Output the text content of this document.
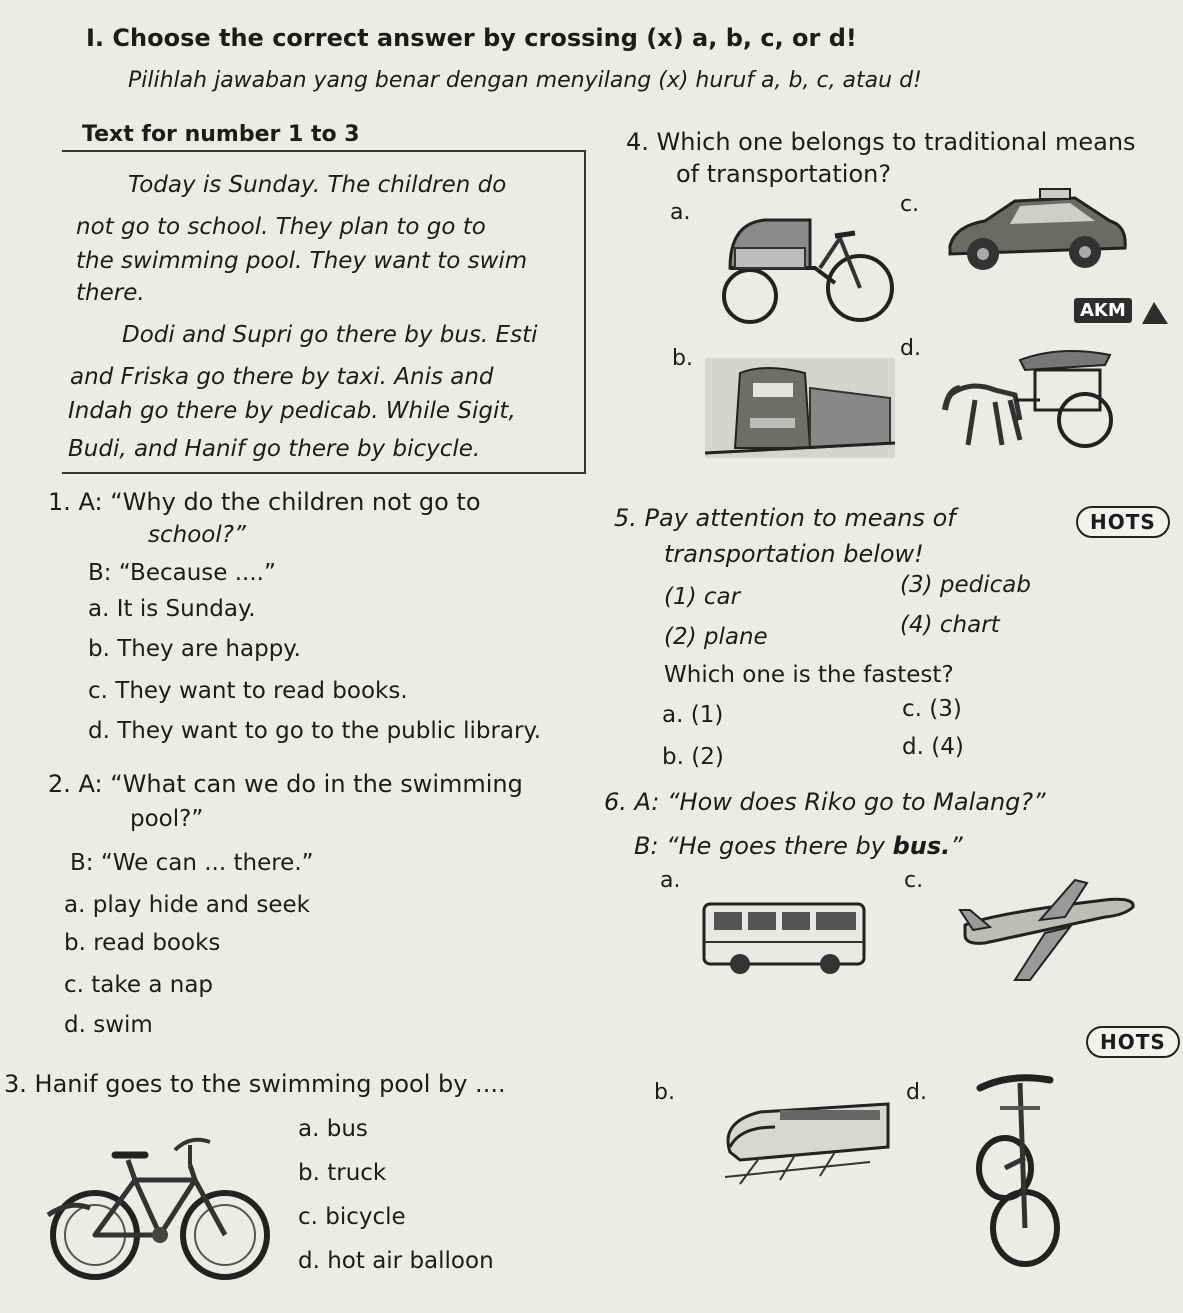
I. Choose the correct answer by crossing (x) a, b, c, or d!
Pilihlah jawaban yang benar dengan menyilang (x) huruf a, b, c, atau d!
Text for number 1 to 3
Today is Sunday. The children do
not go to school. They plan to go to
the swimming pool. They want to swim
there.
Dodi and Supri go there by bus. Esti
and Friska go there by taxi. Anis and
Indah go there by pedicab. While Sigit,
Budi, and Hanif go there by bicycle.
1. A: “Why do the children not go to
school?”
B: “Because ....”
a. It is Sunday.
b. They are happy.
c. They want to read books.
d. They want to go to the public library.
2. A: “What can we do in the swimming
pool?”
B: “We can ... there.”
a. play hide and seek
b. read books
c. take a nap
d. swim
3. Hanif goes to the swimming pool by ....
a. bus
b. truck
c. bicycle
d. hot air balloon
4. Which one belongs to traditional means
of transportation?
a.
b.
c.
d.
AKM
5. Pay attention to means of	HOTS
transportation below!
(1) car
(2) plane
(3) pedicab
(4) chart
Which one is the fastest?
a. (1)
b. (2)
c. (3)
d. (4)
6. A: “How does Riko go to Malang?”
B: “He goes there by bus.”
a.
b.
c.
d.
HOTS
